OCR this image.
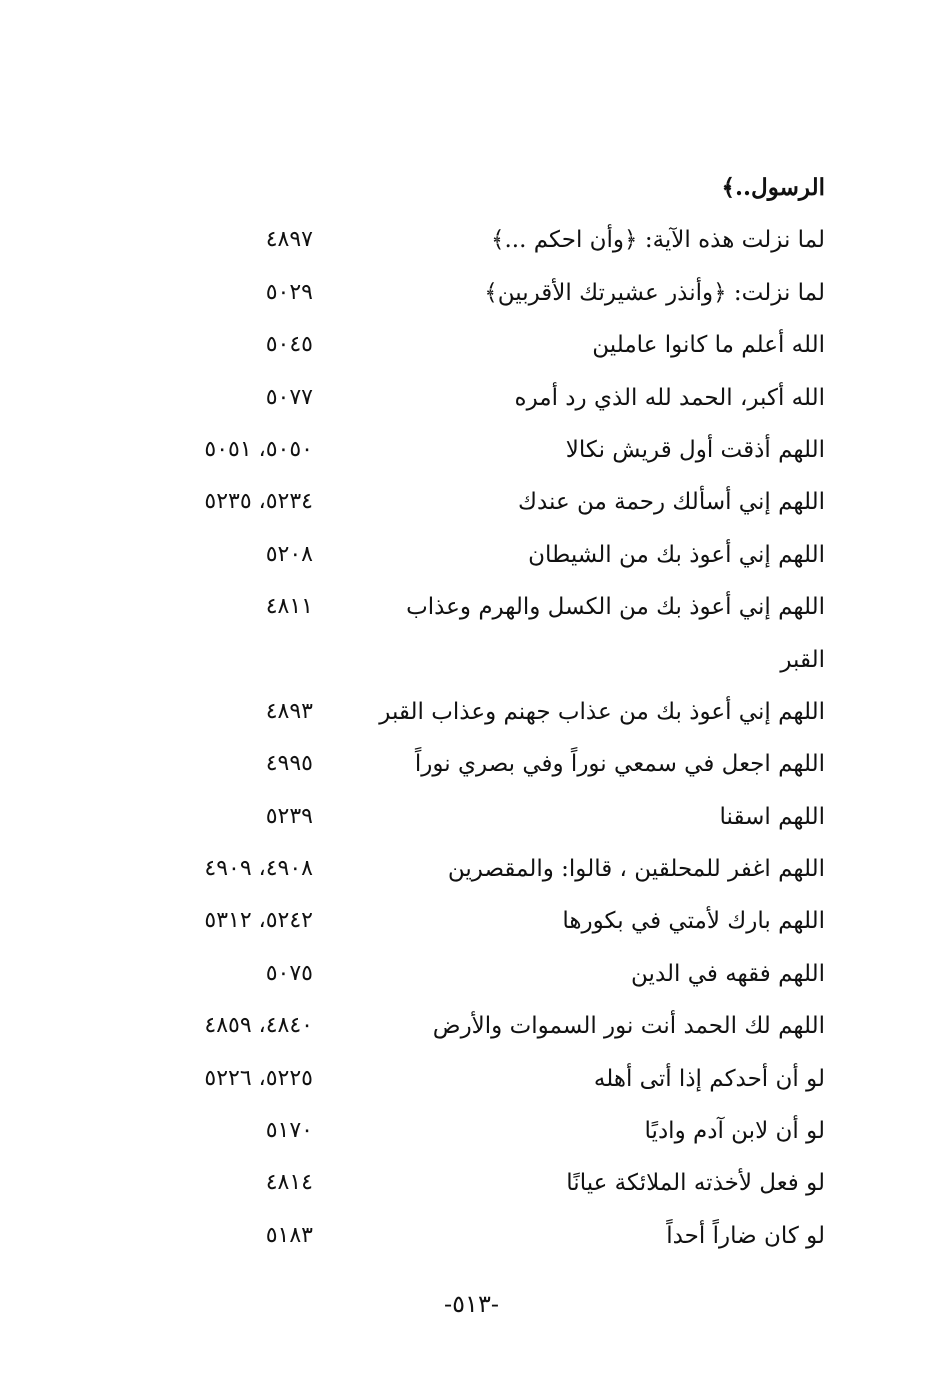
الرسول..﴾
لما نزلت هذه الآية: ﴿وأن احكم ...﴾
٤٨٩٧
لما نزلت: ﴿وأنذر عشيرتك الأقربين﴾
٥٠٢٩
الله أعلم ما كانوا عاملين
٥٠٤٥
الله أكبر، الحمد لله الذي رد أمره
٥٠٧٧
اللهم أذقت أول قريش نكالا
٥٠٥٠، ٥٠٥١
اللهم إني أسألك رحمة من عندك
٥٢٣٤، ٥٢٣٥
اللهم إني أعوذ بك من الشيطان
٥٢٠٨
اللهم إني أعوذ بك من الكسل والهرم وعذاب
٤٨١١
القبر
اللهم إني أعوذ بك من عذاب جهنم وعذاب القبر
٤٨٩٣
اللهم اجعل في سمعي نوراً وفي بصري نوراً
٤٩٩٥
اللهم اسقنا
٥٢٣٩
اللهم اغفر للمحلقين ، قالوا: والمقصرين
٤٩٠٨، ٤٩٠٩
اللهم بارك لأمتي في بكورها
٥٢٤٢، ٥٣١٢
اللهم فقهه في الدين
٥٠٧٥
اللهم لك الحمد أنت نور السموات والأرض
٤٨٤٠، ٤٨٥٩
لو أن أحدكم إذا أتى أهله
٥٢٢٥، ٥٢٢٦
لو أن لابن آدم واديًا
٥١٧٠
لو فعل لأخذته الملائكة عيانًا
٤٨١٤
لو كان ضاراً أحداً
٥١٨٣
-٥١٣-
